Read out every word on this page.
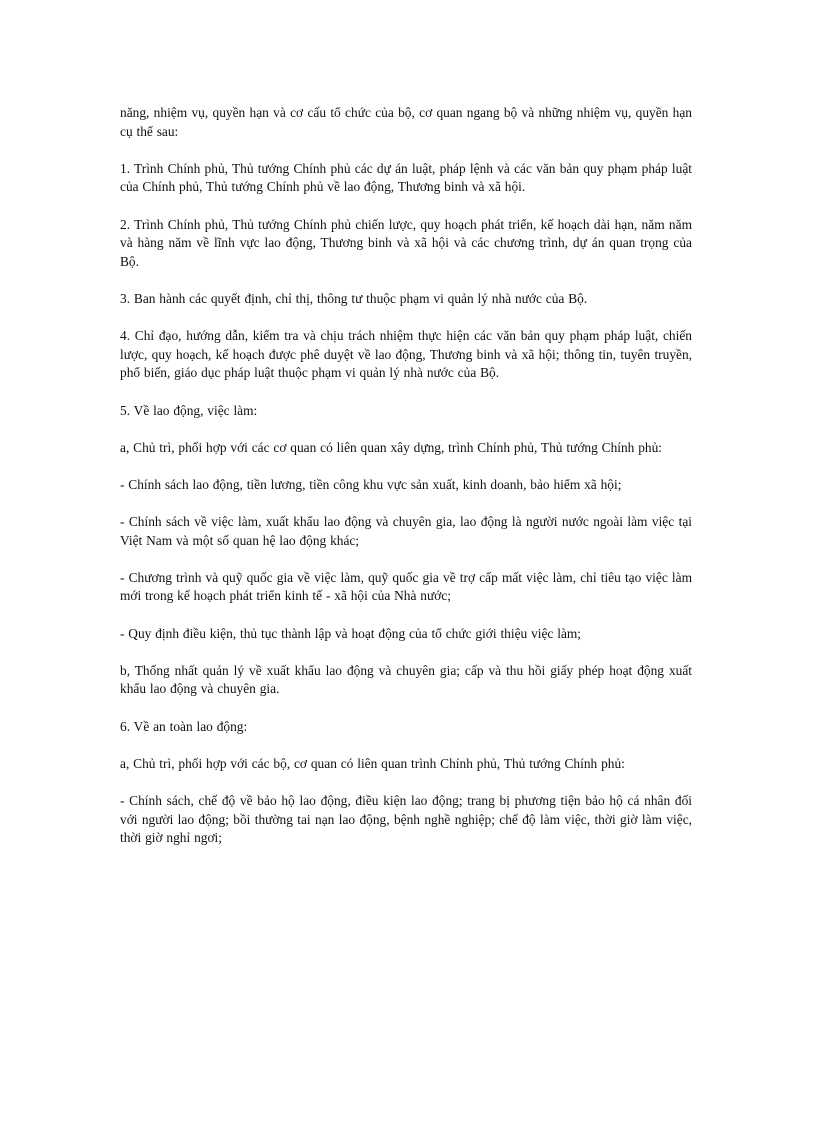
năng, nhiệm vụ, quyền hạn và cơ cấu tổ chức của bộ, cơ quan ngang bộ và những nhiệm vụ, quyền hạn cụ thể sau:

1. Trình Chính phủ, Thủ tướng Chính phủ các dự án luật, pháp lệnh và các văn bản quy phạm pháp luật của Chính phủ, Thủ tướng Chính phủ về lao động, Thương binh và xã hội.

2. Trình Chính phủ, Thủ tướng Chính phủ chiến lược, quy hoạch phát triển, kế hoạch dài hạn, năm năm và hàng năm về lĩnh vực lao động, Thương binh và xã hội và các chương trình, dự án quan trọng của Bộ.

3. Ban hành các quyết định, chỉ thị, thông tư thuộc phạm vi quản lý nhà nước của Bộ.

4. Chỉ đạo, hướng dẫn, kiểm tra và chịu trách nhiệm thực hiện các văn bản quy phạm pháp luật, chiến lược, quy hoạch, kế hoạch được phê duyệt về lao động, Thương binh và xã hội; thông tin, tuyên truyền, phổ biến, giáo dục pháp luật thuộc phạm vi quản lý nhà nước của Bộ.

5. Về lao động, việc làm:

a, Chủ trì, phối hợp với các cơ quan có liên quan xây dựng, trình Chính phủ, Thủ tướng Chính phủ:

- Chính sách lao động, tiền lương, tiền công khu vực sản xuất, kinh doanh, bảo hiểm xã hội;

- Chính sách về việc làm, xuất khẩu lao động và chuyên gia, lao động là người nước ngoài làm việc tại Việt Nam và một số quan hệ lao động khác;

- Chương trình và quỹ quốc gia về việc làm, quỹ quốc gia về trợ cấp mất việc làm, chỉ tiêu tạo việc làm mới trong kế hoạch phát triển kinh tế - xã hội của Nhà nước;

- Quy định điều kiện, thủ tục thành lập và hoạt động của tổ chức giới thiệu việc làm;

b, Thống nhất quản lý về xuất khẩu lao động và chuyên gia; cấp và thu hồi giấy phép hoạt động xuất khẩu lao động và chuyên gia.

6. Về an toàn lao động:

a, Chủ trì, phối hợp với các bộ, cơ quan có liên quan trình Chính phủ, Thủ tướng Chính phủ:

- Chính sách, chế độ về bảo hộ lao động, điều kiện lao động; trang bị phương tiện bảo hộ cá nhân đối với người lao động; bồi thường tai nạn lao động, bệnh nghề nghiệp; chế độ làm việc, thời giờ làm việc, thời giờ nghỉ ngơi;
